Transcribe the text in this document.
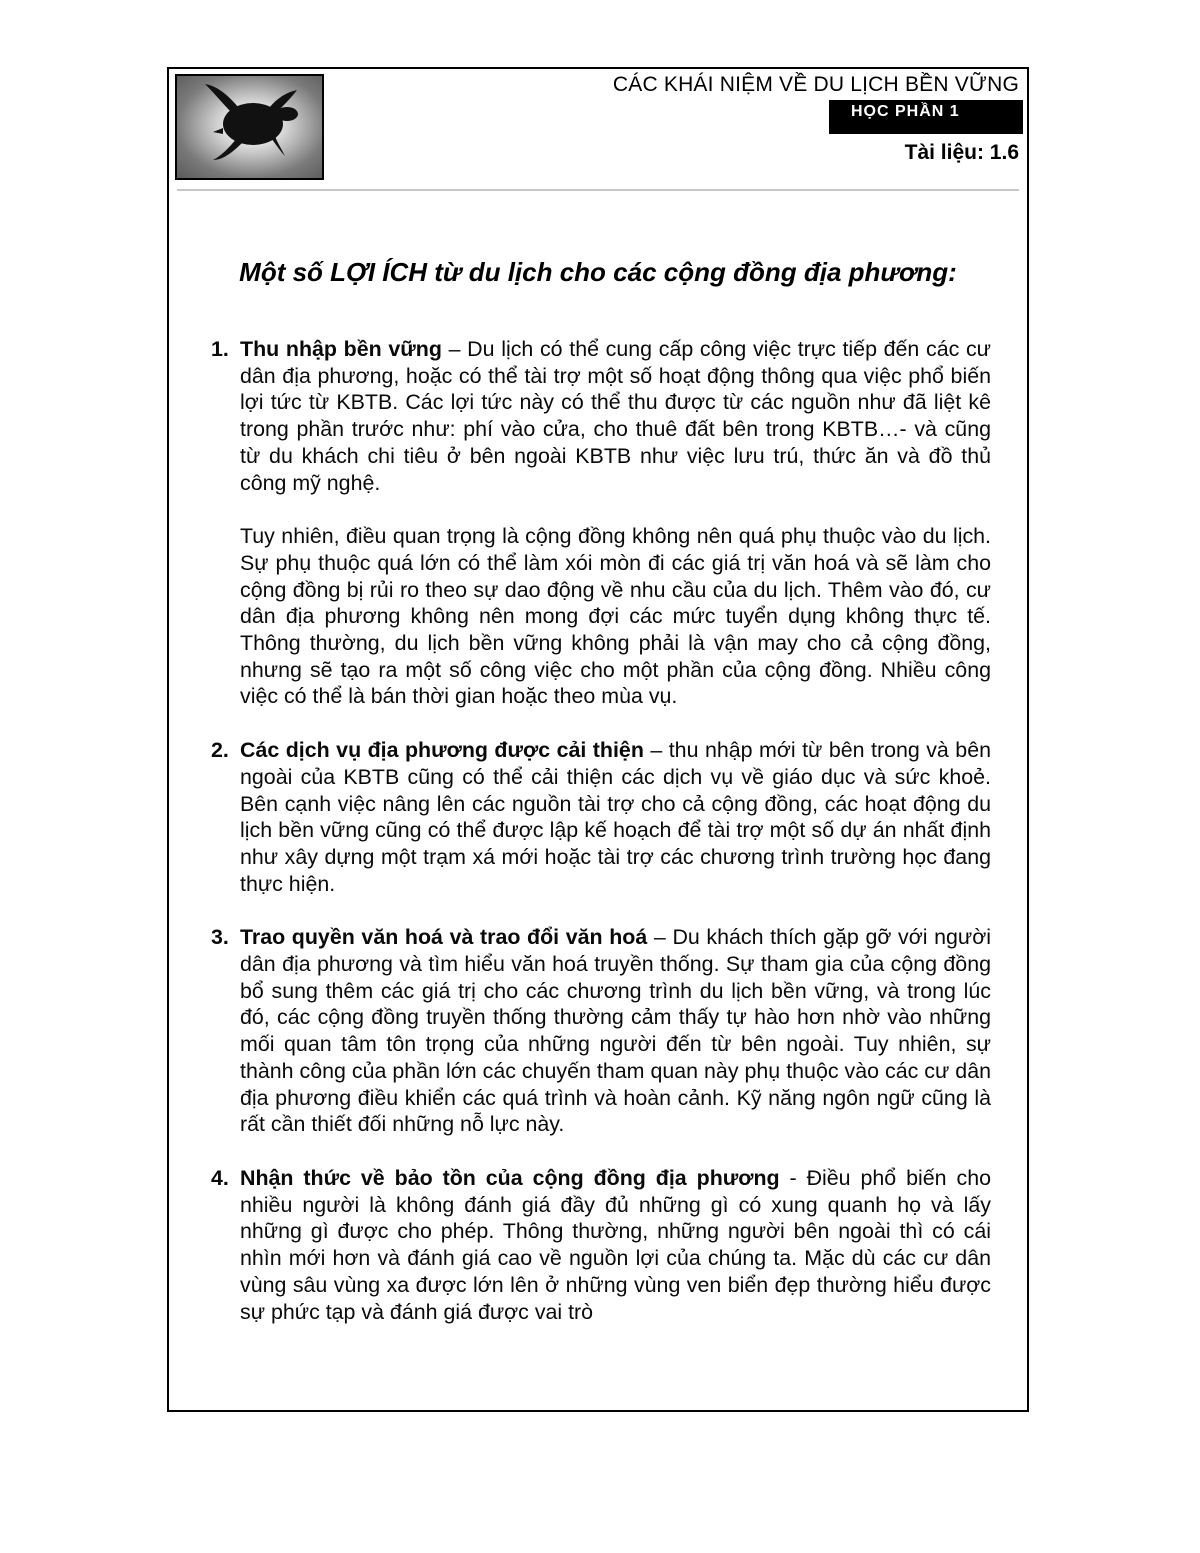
CÁC KHÁI NIỆM VỀ DU LỊCH BỀN VỮNG
HỌC PHẦN 1
Tài liệu: 1.6
Một số LỢI ÍCH từ du lịch cho các cộng đồng địa phương:
1. Thu nhập bền vững – Du lịch có thể cung cấp công việc trực tiếp đến các cư dân địa phương, hoặc có thể tài trợ một số hoạt động thông qua việc phổ biến lợi tức từ KBTB. Các lợi tức này có thể thu được từ các nguồn như đã liệt kê trong phần trước như: phí vào cửa, cho thuê đất bên trong KBTB…- và cũng từ du khách chi tiêu ở bên ngoài KBTB như việc lưu trú, thức ăn và đồ thủ công mỹ nghệ.
Tuy nhiên, điều quan trọng là cộng đồng không nên quá phụ thuộc vào du lịch. Sự phụ thuộc quá lớn có thể làm xói mòn đi các giá trị văn hoá và sẽ làm cho cộng đồng bị rủi ro theo sự dao động về nhu cầu của du lịch. Thêm vào đó, cư dân địa phương không nên mong đợi các mức tuyển dụng không thực tế. Thông thường, du lịch bền vững không phải là vận may cho cả cộng đồng, nhưng sẽ tạo ra một số công việc cho một phần của cộng đồng. Nhiều công việc có thể là bán thời gian hoặc theo mùa vụ.
2. Các dịch vụ địa phương được cải thiện – thu nhập mới từ bên trong và bên ngoài của KBTB cũng có thể cải thiện các dịch vụ về giáo dục và sức khoẻ. Bên cạnh việc nâng lên các nguồn tài trợ cho cả cộng đồng, các hoạt động du lịch bền vững cũng có thể được lập kế hoạch để tài trợ một số dự án nhất định như xây dựng một trạm xá mới hoặc tài trợ các chương trình trường học đang thực hiện.
3. Trao quyền văn hoá và trao đổi văn hoá – Du khách thích gặp gỡ với người dân địa phương và tìm hiểu văn hoá truyền thống. Sự tham gia của cộng đồng bổ sung thêm các giá trị cho các chương trình du lịch bền vững, và trong lúc đó, các cộng đồng truyền thống thường cảm thấy tự hào hơn nhờ vào những mối quan tâm tôn trọng của những người đến từ bên ngoài. Tuy nhiên, sự thành công của phần lớn các chuyến tham quan này phụ thuộc vào các cư dân địa phương điều khiển các quá trình và hoàn cảnh. Kỹ năng ngôn ngữ cũng là rất cần thiết đối những nỗ lực này.
4. Nhận thức về bảo tồn của cộng đồng địa phương - Điều phổ biến cho nhiều người là không đánh giá đầy đủ những gì có xung quanh họ và lấy những gì được cho phép. Thông thường, những người bên ngoài thì có cái nhìn mới hơn và đánh giá cao về nguồn lợi của chúng ta. Mặc dù các cư dân vùng sâu vùng xa được lớn lên ở những vùng ven biển đẹp thường hiểu được sự phức tạp và đánh giá được vai trò
